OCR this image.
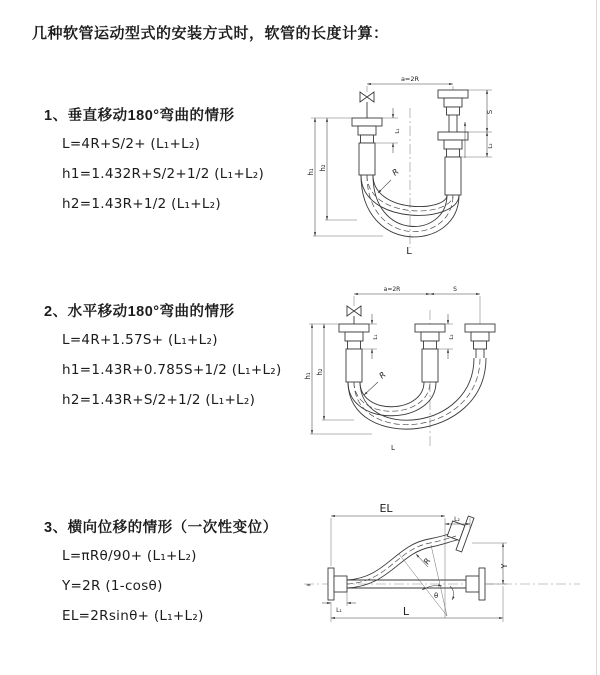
几种软管运动型式的安装方式时，软管的长度计算：
1、垂直移动180°弯曲的情形
L=4R+S/2+ (L₁+L₂)
h1=1.432R+S/2+1/2 (L₁+L₂)
h2=1.43R+1/2 (L₁+L₂)
2、水平移动180°弯曲的情形
L=4R+1.57S+ (L₁+L₂)
h1=1.43R+0.785S+1/2 (L₁+L₂)
h2=1.43R+S/2+1/2 (L₁+L₂)
3、横向位移的情形（一次性变位）
L=πRθ/90+ (L₁+L₂)
Y=2R (1-cosθ)
EL=2Rsinθ+ (L₁+L₂)
a=2R
h₁
h₂
L₁
S
L₂
R
L
a=2R	S
h₁
h₂
L₁	L₂
R
L
EL
L₂
Y
R
θ
L
L₁
≈
